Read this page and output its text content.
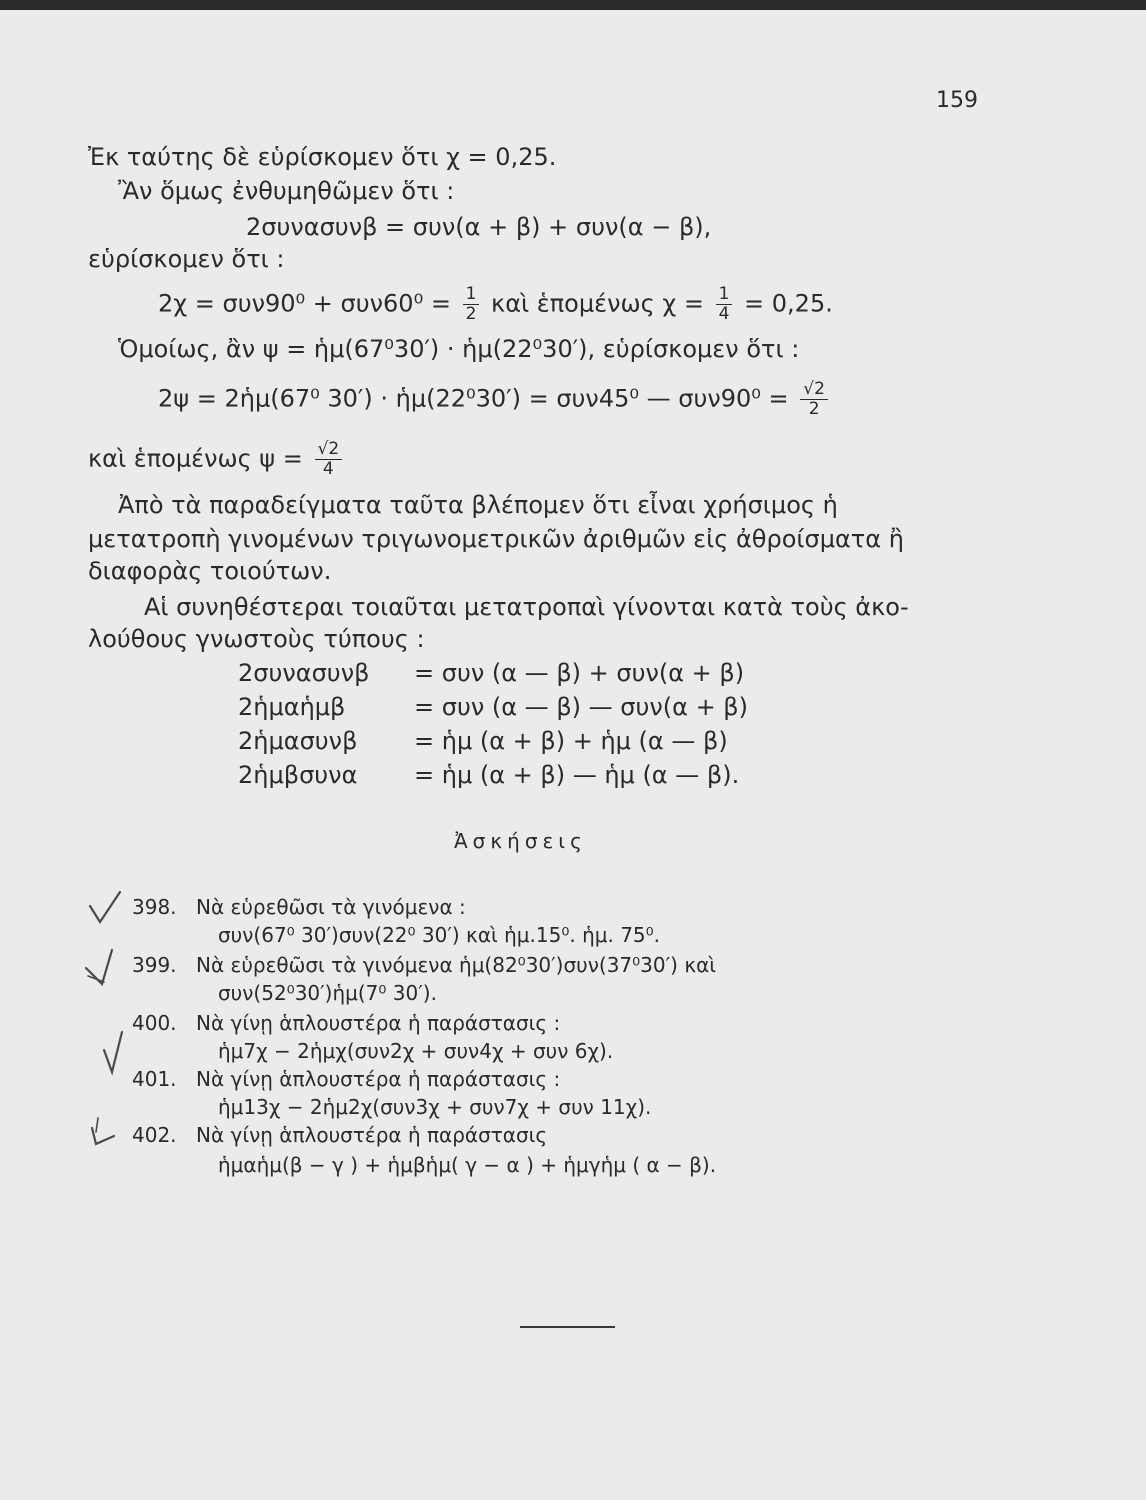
159
Ἐκ ταύτης δὲ εὑρίσκομεν ὅτι χ = 0,25.
Ἂν ὅμως ἐνθυμηθῶμεν ὅτι :
2συνασυνβ = συν(α + β) + συν(α − β),
εὑρίσκομεν ὅτι :
$2\chi = \sigma\upsilon\nu 90^0 + \sigma\upsilon\nu 60^0 = \frac{1}{2}$ καὶ ἑπομένως $\chi = \frac{1}{4} = 0,25$.
Ὁμοίως, ἂν ψ = ἡμ(67⁰30′) · ἡμ(22⁰30′), εὑρίσκομεν ὅτι :
2ψ = 2ἡμ(67⁰ 30′) · ἡμ(22⁰30′) = συν45⁰ — $\sigma\upsilon\nu 90^0 = \frac{√2}{2}$
καὶ ἑπομένως $\psi = \frac{√2}{4}$
Ἀπὸ τὰ παραδείγματα ταῦτα βλέπομεν ὅτι εἶναι χρήσιμος ἡ
μετατροπὴ γινομένων τριγωνομετρικῶν ἀριθμῶν εἰς ἀθροίσματα ἢ
διαφορὰς τοιούτων.
Αἱ συνηθέστεραι τοιαῦται μετατροπαὶ γίνονται κατὰ τοὺς ἀκο-
λούθους γνωστοὺς τύπους :
2συνασυνβ = συν (α — β) + συν(α + β)
2ἡμαἡμβ	= συν (α — β) — συν(α + β)
2ἡμασυνβ = ἡμ (α + β) + ἡμ (α — β)
2ἡμβσυνα = ἡμ (α + β) — ἡμ (α — β).
Ἀσκήσεις
398. Νὰ εὑρεθῶσι τὰ γινόμενα :
συν(67⁰ 30′)συν(22⁰ 30′) καὶ ἡμ.15⁰. ἡμ. 75⁰.
399. Νὰ εὑρεθῶσι τὰ γινόμενα ἡμ(82⁰30′)συν(37⁰30′) καὶ
συν(52⁰30′)ἡμ(7⁰ 30′).
400. Νὰ γίνῃ ἁπλουστέρα ἡ παράστασις :
ἡμ7χ − 2ἡμχ(συν2χ + συν4χ + συν 6χ).
401. Νὰ γίνῃ ἁπλουστέρα ἡ παράστασις :
ἡμ13χ − 2ἡμ2χ(συν3χ + συν7χ + συν 11χ).
402. Νὰ γίνῃ ἁπλουστέρα ἡ παράστασις
ἡμαἡμ(β − γ ) + ἡμβἡμ( γ − α ) + ἡμγἡμ ( α − β).
